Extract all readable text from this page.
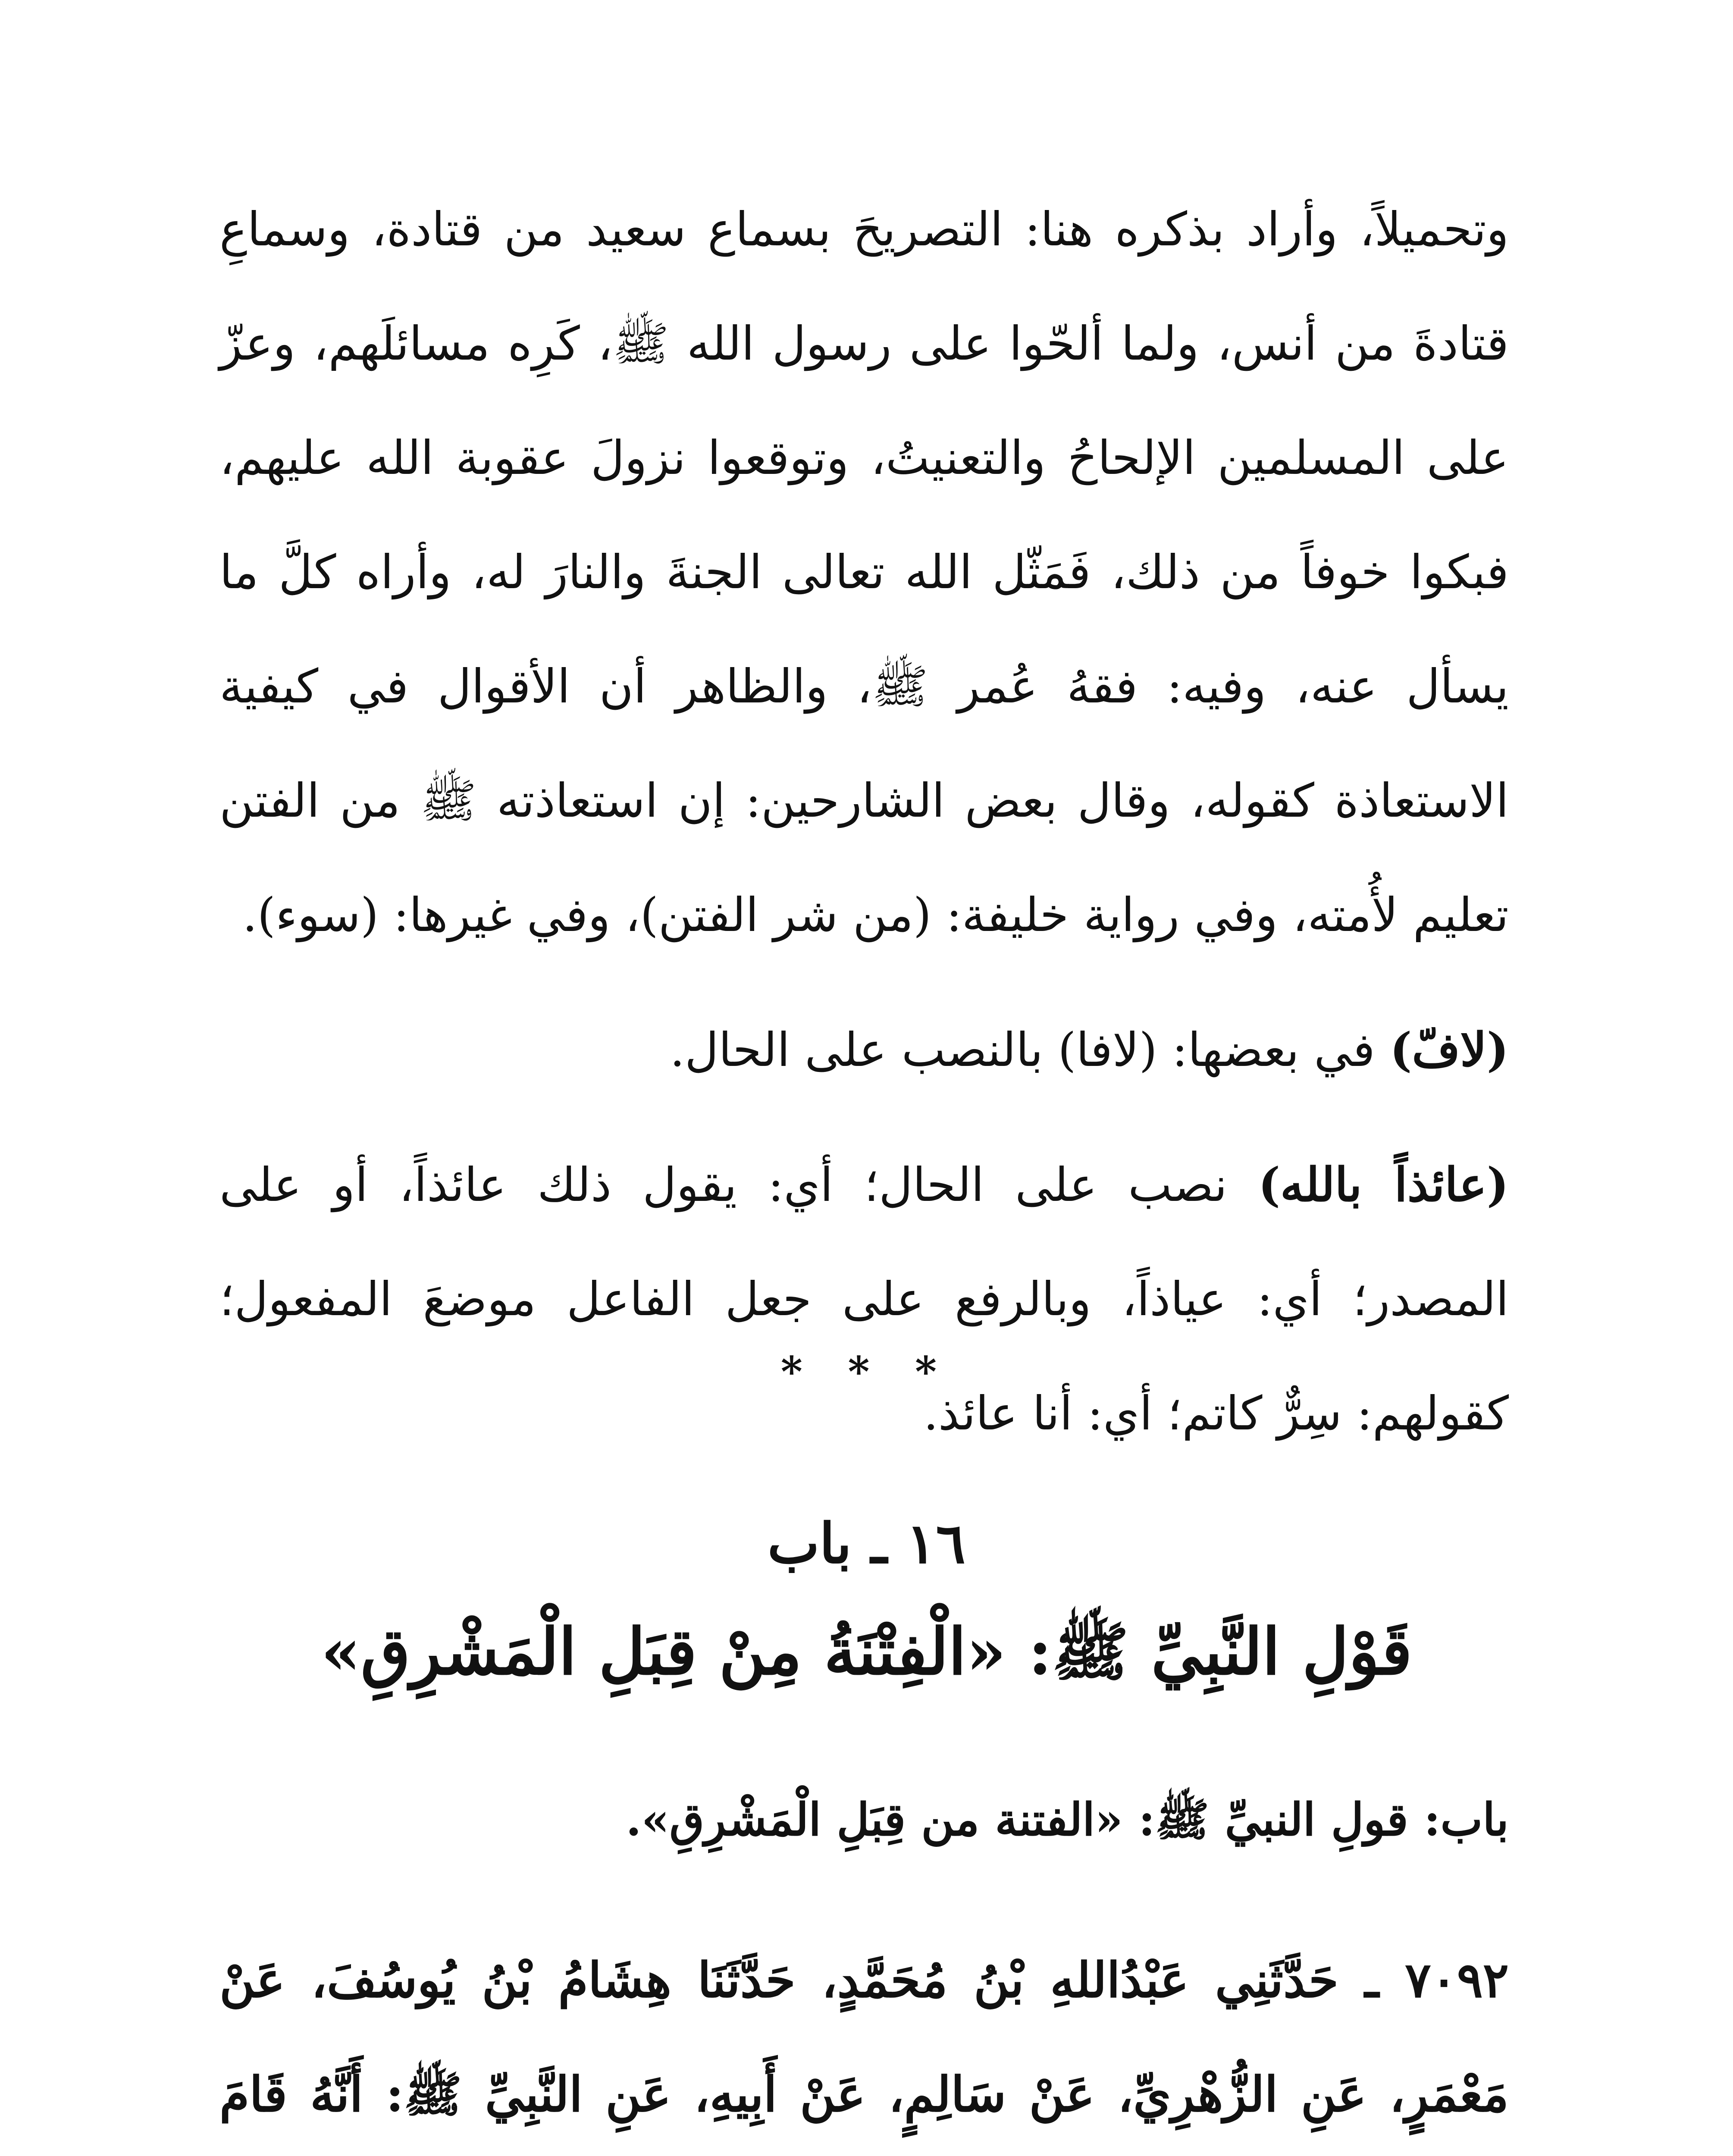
وتحميلاً، وأراد بذكره هنا: التصريحَ بسماع سعيد من قتادة، وسماعِ قتادةَ من أنس، ولما ألحّوا على رسول الله ﷺ، كَرِه مسائلَهم، وعزّ على المسلمين الإلحاحُ والتعنيتُ، وتوقعوا نزولَ عقوبة الله عليهم، فبكوا خوفاً من ذلك، فَمَثّل الله تعالى الجنةَ والنارَ له، وأراه كلَّ ما يسأل عنه، وفيه: فقهُ عُمر ﷺ، والظاهر أن الأقوال في كيفية الاستعاذة كقوله، وقال بعض الشارحين: إن استعاذته ﷺ من الفتن تعليم لأُمته، وفي رواية خليفة: (من شر الفتن)، وفي غيرها: (سوء).

(لافّ) في بعضها: (لافا) بالنصب على الحال.

(عائذاً بالله) نصب على الحال؛ أي: يقول ذلك عائذاً، أو على المصدر؛ أي: عياذاً، وبالرفع على جعل الفاعل موضعَ المفعول؛ كقولهم: سِرٌّ كاتم؛ أي: أنا عائذ.

* * *
١٦ ـ باب
قَوْلِ النَّبِيِّ ﷺ: «الْفِتْنَةُ مِنْ قِبَلِ الْمَشْرِقِ»
باب: قولِ النبيِّ ﷺ: «الفتنة من قِبَلِ الْمَشْرِقِ».
٧٠٩٢ ـ حَدَّثَنِي عَبْدُاللهِ بْنُ مُحَمَّدٍ، حَدَّثَنَا هِشَامُ بْنُ يُوسُفَ، عَنْ مَعْمَرٍ، عَنِ الزُّهْرِيِّ، عَنْ سَالِمٍ، عَنْ أَبِيهِ، عَنِ النَّبِيِّ ﷺ: أَنَّهُ قَامَ
